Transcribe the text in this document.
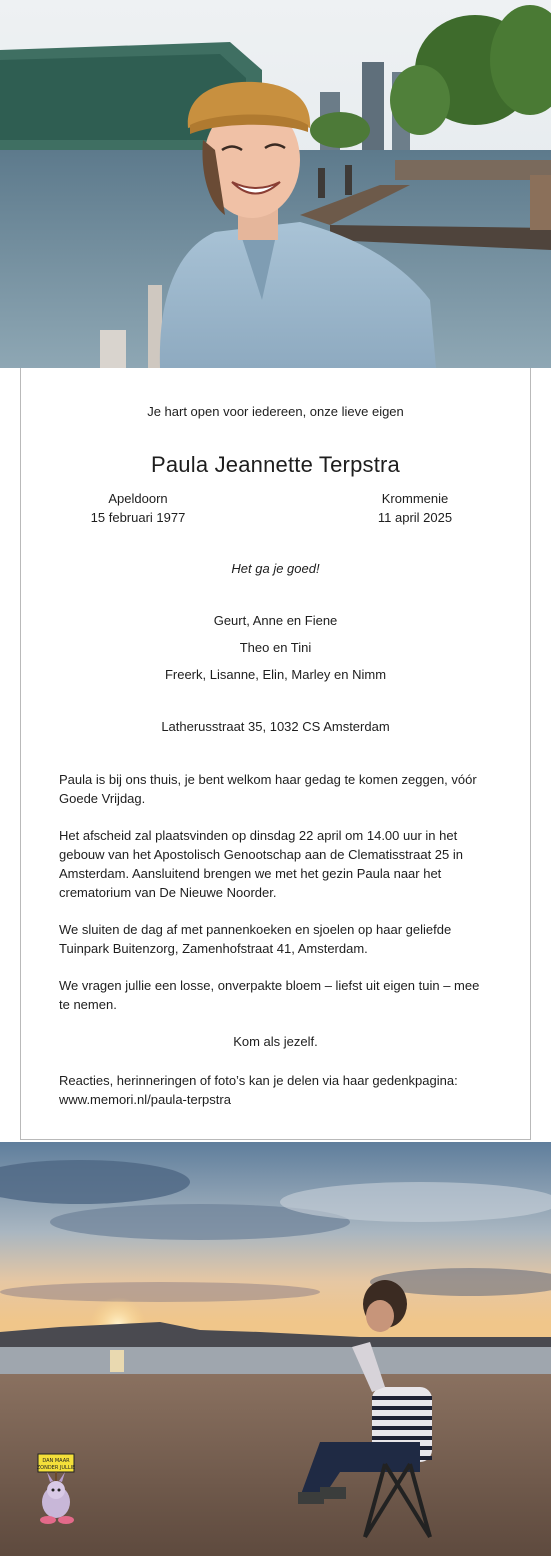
Je hart open voor iedereen, onze lieve eigen
Paula Jeannette Terpstra
Apeldoorn
15 februari 1977
Krommenie
11 april 2025
Het ga je goed!
Geurt, Anne en Fiene
Theo en Tini
Freerk, Lisanne, Elin, Marley en Nimm
Latherusstraat 35, 1032 CS Amsterdam

Paula is bij ons thuis, je bent welkom haar gedag te komen zeggen, vóór Goede Vrijdag.

Het afscheid zal plaatsvinden op dinsdag 22 april om 14.00 uur in het gebouw van het Apostolisch Genootschap aan de Clematisstraat 25 in Amsterdam. Aansluitend brengen we met het gezin Paula naar het crematorium van De Nieuwe Noorder.

We sluiten de dag af met pannenkoeken en sjoelen op haar geliefde Tuinpark Buitenzorg, Zamenhofstraat 41, Amsterdam.

We vragen jullie een losse, onverpakte bloem – liefst uit eigen tuin – mee te nemen.

Kom als jezelf.

Reacties, herinneringen of foto’s kan je delen via haar gedenkpagina: www.memori.nl/paula-terpstra

DAN MAAR
ZONDER JULLIE
